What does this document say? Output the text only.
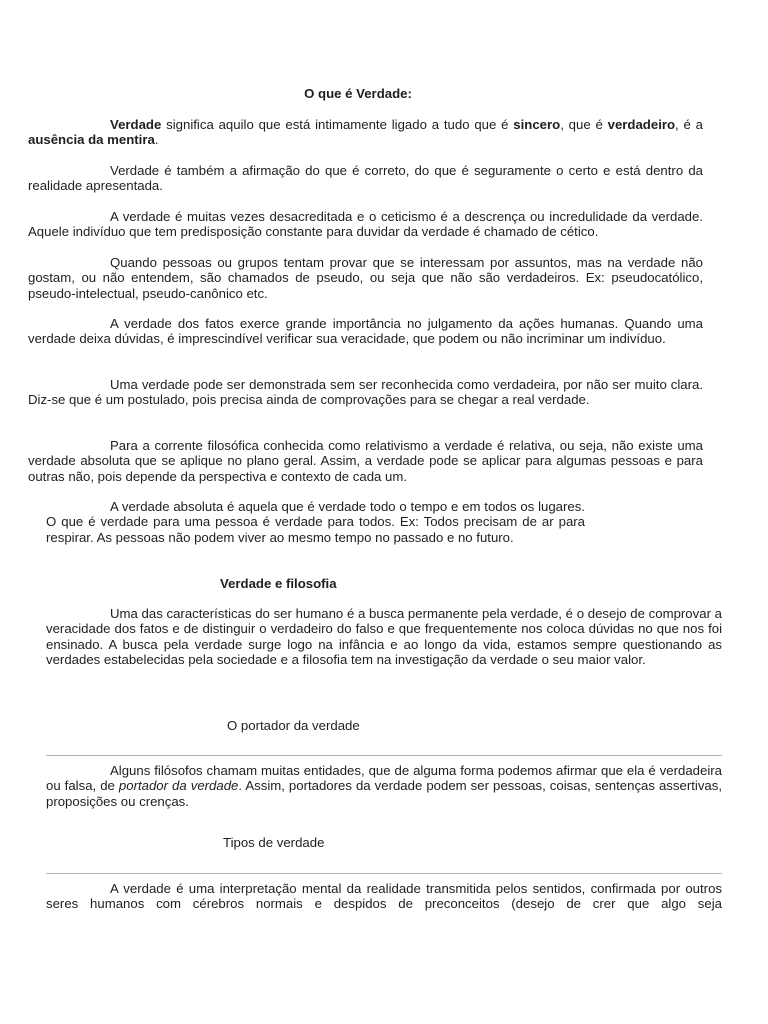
O que é Verdade:

Verdade significa aquilo que está intimamente ligado a tudo que é sincero, que é verdadeiro, é a ausência da mentira.

Verdade é também a afirmação do que é correto, do que é seguramente o certo e está dentro da realidade apresentada.

A verdade é muitas vezes desacreditada e o ceticismo é a descrença ou incredulidade da verdade. Aquele indivíduo que tem predisposição constante para duvidar da verdade é chamado de cético.

Quando pessoas ou grupos tentam provar que se interessam por assuntos, mas na verdade não gostam, ou não entendem, são chamados de pseudo, ou seja que não são verdadeiros. Ex: pseudocatólico, pseudo-intelectual, pseudo-canônico etc.

A verdade dos fatos exerce grande importância no julgamento da ações humanas. Quando uma verdade deixa dúvidas, é imprescindível verificar sua veracidade, que podem ou não incriminar um indivíduo.

Uma verdade pode ser demonstrada sem ser reconhecida como verdadeira, por não ser muito clara. Diz-se que é um postulado, pois precisa ainda de comprovações para se chegar a real verdade.

Para a corrente filosófica conhecida como relativismo a verdade é relativa, ou seja, não existe uma verdade absoluta que se aplique no plano geral. Assim, a verdade pode se aplicar para algumas pessoas e para outras não, pois depende da perspectiva e contexto de cada um.

A verdade absoluta é aquela que é verdade todo o tempo e em todos os lugares. O que é verdade para uma pessoa é verdade para todos. Ex: Todos precisam de ar para respirar. As pessoas não podem viver ao mesmo tempo no passado e no futuro.

Verdade e filosofia

Uma das características do ser humano é a busca permanente pela verdade, é o desejo de comprovar a veracidade dos fatos e de distinguir o verdadeiro do falso e que frequentemente nos coloca dúvidas no que nos foi ensinado. A busca pela verdade surge logo na infância e ao longo da vida, estamos sempre questionando as verdades estabelecidas pela sociedade e a filosofia tem na investigação da verdade o seu maior valor.

O portador da verdade

Alguns filósofos chamam muitas entidades, que de alguma forma podemos afirmar que ela é verdadeira ou falsa, de portador da verdade. Assim, portadores da verdade podem ser pessoas, coisas, sentenças assertivas, proposições ou crenças.

Tipos de verdade

A verdade é uma interpretação mental da realidade transmitida pelos sentidos, confirmada por outros seres humanos com cérebros normais e despidos de preconceitos (desejo de crer que algo seja
